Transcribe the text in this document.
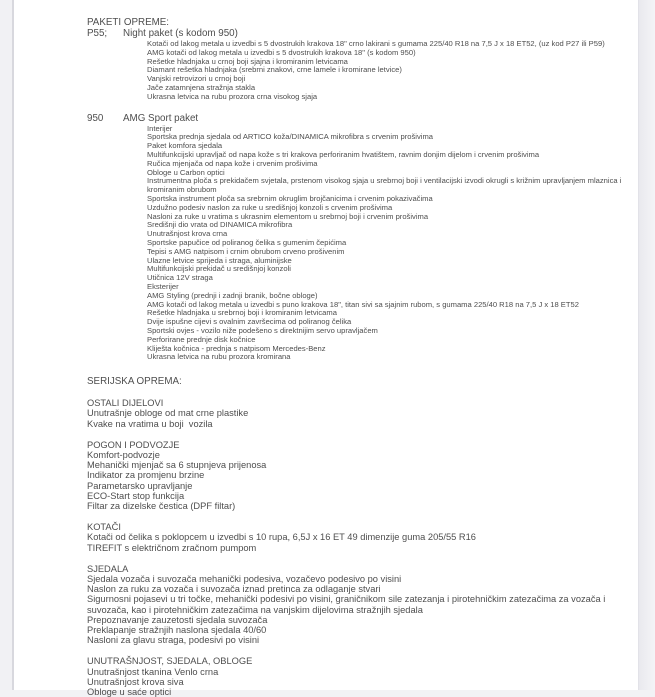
PAKETI OPREME:
P55;	Night paket (s kodom 950)
Kotači od lakog metala u izvedbi s 5 dvostrukih krakova 18" crno lakirani s gumama 225/40 R18 na 7,5 J x 18 ET52, (uz kod P27 ili P59)
AMG kotači od lakog metala u izvedbi s 5 dvostrukih krakova 18" (s kodom 950)
Rešetke hladnjaka u crnoj boji sjajna i kromiranim letvicama
Diamant rešetka hladnjaka (srebrni znakovi, crne lamele i kromirane letvice)
Vanjski retrovizori u crnoj boji
Jače zatamnjena stražnja stakla
Ukrasna letvica na rubu prozora crna visokog sjaja
950	AMG Sport paket
Interijer
Sportska prednja sjedala od ARTICO koža/DINAMICA mikrofibra s crvenim prošivima
Paket komfora sjedala
Multifunkcijski upravljač od napa kože s tri krakova perforiranim hvatištem, ravnim donjim dijelom i crvenim prošivima
Ručica mjenjača od napa kože i crvenim prošivima
Obloge u Carbon optici
Instrumentna ploča s prekidačem svjetala, prstenom visokog sjaja u srebrnoj boji i ventilacijski izvodi okrugli s križnim upravljanjem mlaznica i kromiranim obrubom
Sportska instrument ploča sa srebrnim okruglim brojčanicima i crvenim pokazivačima
Uzdužno podesiv naslon za ruke u središnjoj konzoli s crvenim prošivima
Nasloni za ruke u vratima s ukrasnim elementom u srebrnoj boji i crvenim prošivima
Središnji dio vrata od DINAMICA mikrofibra
Unutrašnjost krova crna
Sportske papučice od poliranog čelika s gumenim čepićima
Tepisi s AMG natpisom i crnim obrubom crveno prošivenim
Ulazne letvice sprijeda i straga, aluminijske
Multifunkcijski prekidač u središnjoj konzoli
Utičnica 12V straga
Eksterijer
AMG Styling (prednji i zadnji branik, bočne obloge)
AMG kotači od lakog metala u izvedbi s puno krakova 18", titan sivi sa sjajnim rubom, s gumama 225/40 R18 na 7,5 J x 18 ET52
Rešetke hladnjaka u srebrnoj boji i kromiranim letvicama
Dvije ispušne cijevi s ovalnim završecima od poliranog čelika
Sportski ovjes - vozilo niže podešeno s direktnijim servo upravljačem
Perforirane prednje disk kočnice
Kliješta kočnica - prednja s natpisom Mercedes-Benz
Ukrasna letvica na rubu prozora kromirana
SERIJSKA OPREMA:
OSTALI DIJELOVI
Unutrašnje obloge od mat crne plastike
Kvake na vratima u boji  vozila
POGON I PODVOZJE
Komfort-podvozje
Mehanički mjenjač sa 6 stupnjeva prijenosa
Indikator za promjenu brzine
Parametarsko upravljanje
ECO-Start stop funkcija
Filtar za dizelske čestica (DPF filtar)
KOTAČI
Kotači od čelika s poklopcem u izvedbi s 10 rupa, 6,5J x 16 ET 49 dimenzije guma 205/55 R16
TIREFIT s električnom zračnom pumpom
SJEDALA
Sjedala vozača i suvozača mehanički podesiva, vozačevo podesivo po visini
Naslon za ruku za vozača i suvozača iznad pretinca za odlaganje stvari
Sigurnosni pojasevi u tri točke, mehanički podesivi po visini, graničnikom sile zatezanja i pirotehničkim zatezačima za vozača i suvozača, kao i pirotehničkim zatezačima na vanjskim dijelovima stražnjih sjedala
Prepoznavanje zauzetosti sjedala suvozača
Preklapanje stražnjih naslona sjedala 40/60
Nasloni za glavu straga, podesivi po visini
UNUTRAŠNJOST, SJEDALA, OBLOGE
Unutrašnjost tkanina Venlo crna
Unutrašnjost krova siva
Obloge u saće optici
